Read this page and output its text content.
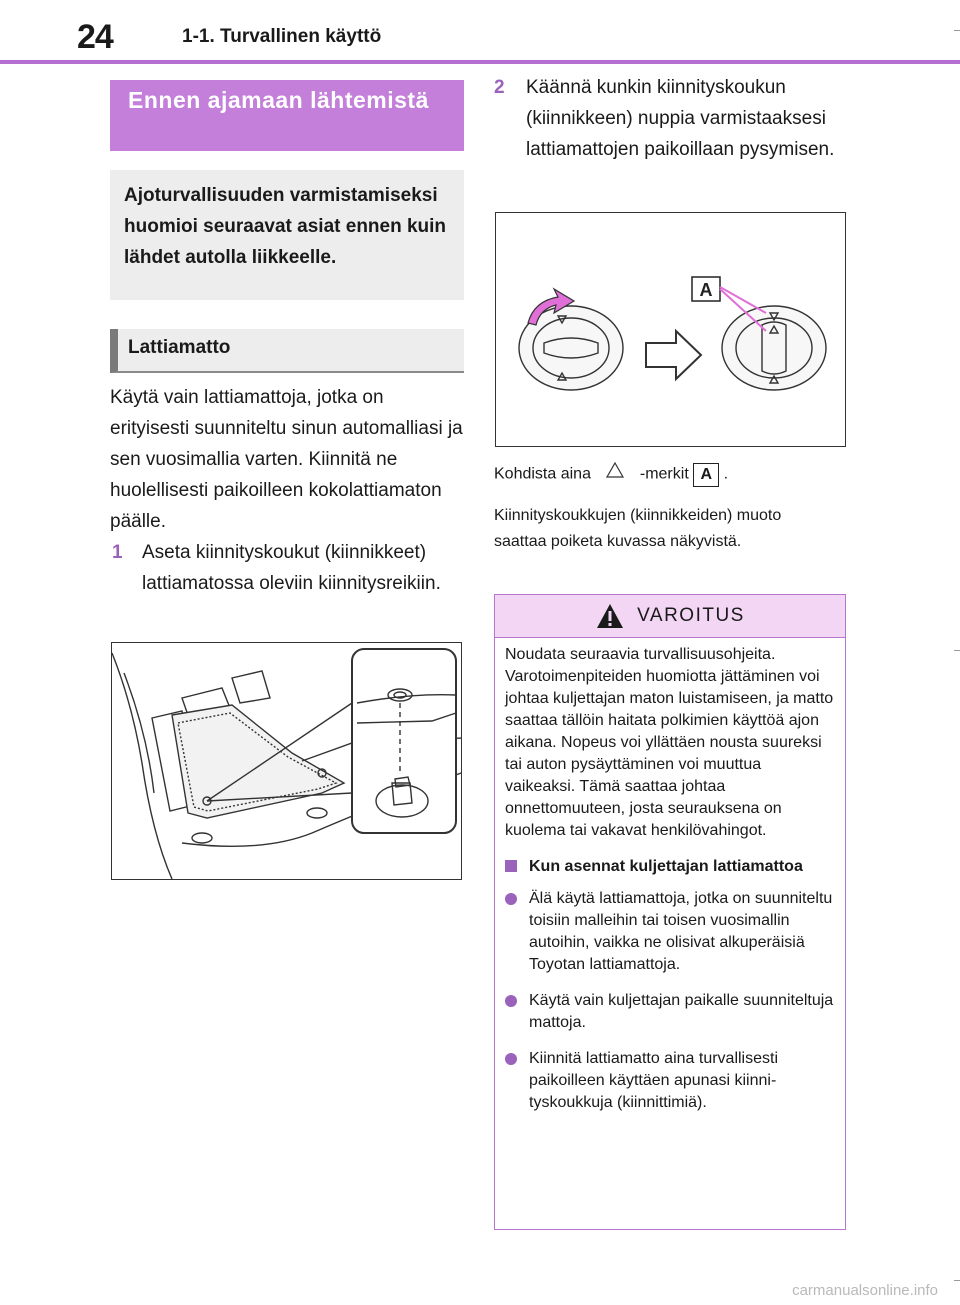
24	1-1. Turvallinen käyttö
Ennen ajamaan lähtemistä
Ajoturvallisuuden varmistamiseksi huomioi seuraavat asiat ennen kuin lähdet autolla liikkeelle.
Lattiamatto
Käytä vain lattiamattoja, jotka on erityisesti suunniteltu sinun automalliasi ja sen vuosimallia varten. Kiinnitä ne huolellisesti paikoilleen kokolattiamaton päälle.
1 Aseta kiinnityskoukut (kiinnikkeet) lattiamatossa oleviin kiinnitysreikiin.
2 Käännä kunkin kiinnityskoukun (kiinnikkeen) nuppia varmistaaksesi lattiamattojen paikoillaan pysymisen.
A
Kohdista aina	-merkit A .
Kiinnityskoukkujen (kiinnikkeiden) muoto saattaa poiketa kuvassa näkyvistä.
VAROITUS

Noudata seuraavia turvallisuusohjeita. Varotoimenpiteiden huomiotta jättäminen voi johtaa kuljettajan maton luistamiseen, ja matto saattaa tällöin haitata polkimien käyttöä ajon aikana. Nopeus voi yllättäen nousta suureksi tai auton pysäyttäminen voi muuttua vaikeaksi. Tämä saattaa johtaa onnettomuuteen, josta seurauksena on kuolema tai vakavat henkilövahingot.

Kun asennat kuljettajan lattiamattoa
Älä käytä lattiamattoja, jotka on suunniteltu toisiin malleihin tai toisen vuosimallin autoihin, vaikka ne olisivat alkuperäisiä Toyotan lattiamattoja.
Käytä vain kuljettajan paikalle suunniteltuja mattoja.
Kiinnitä lattiamatto aina turvallisesti paikoilleen käyttäen apunasi kiinnityskoukkuja (kiinnittimiä).
carmanualsonline.info
